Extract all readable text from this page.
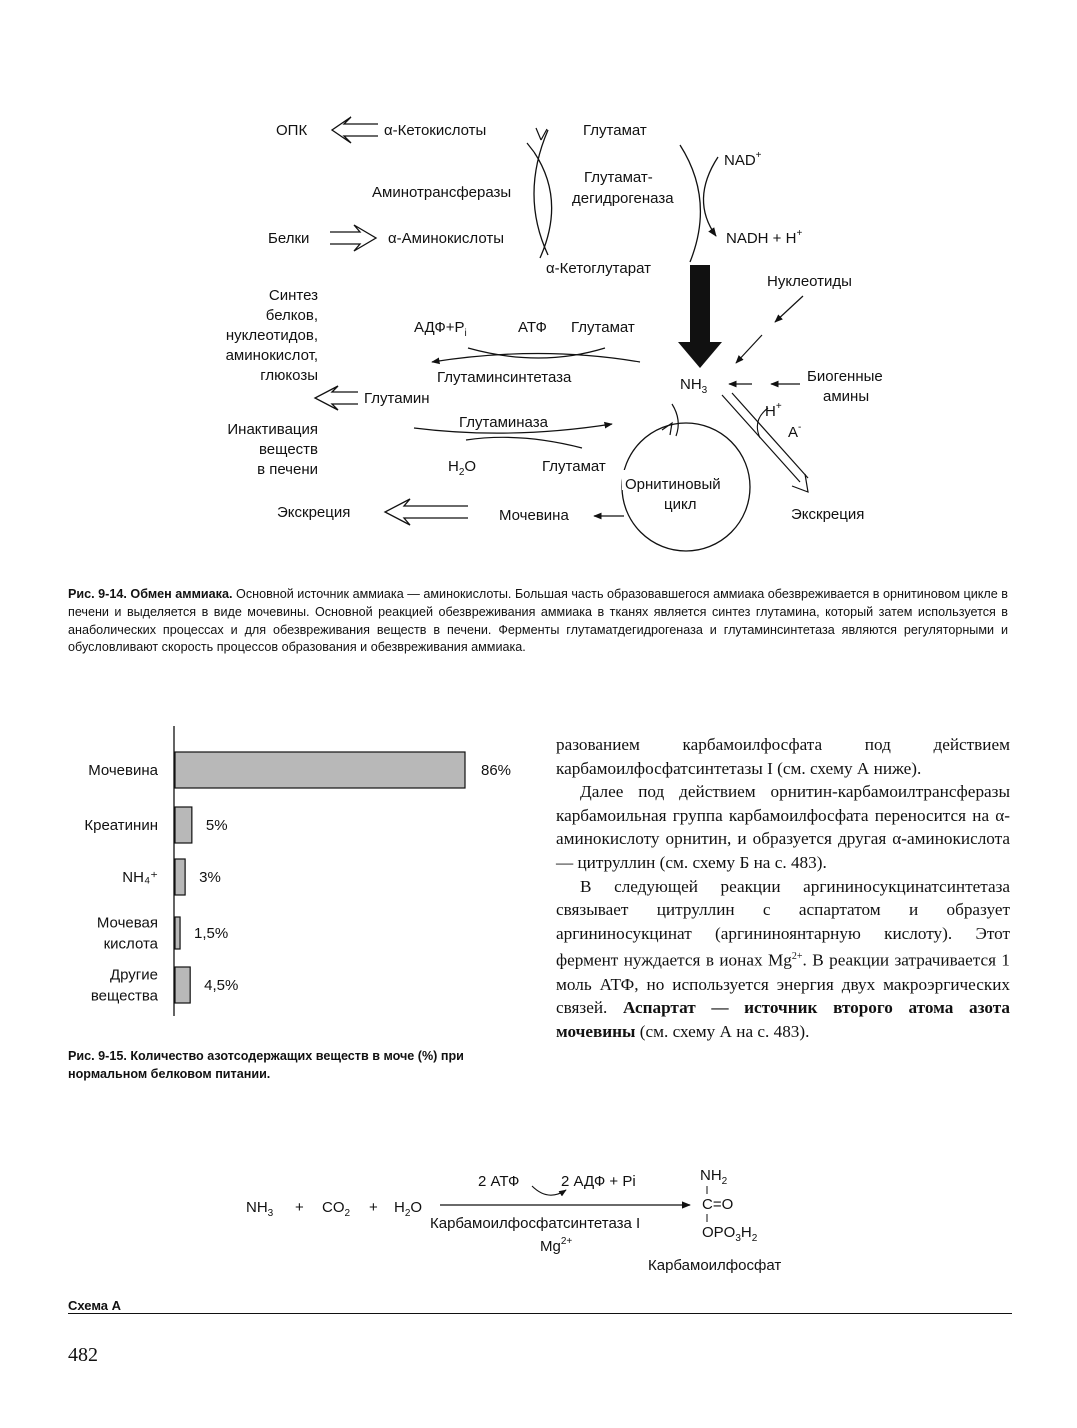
ОПК	α-Кетокислоты	Глутамат
NAD+
Аминотрансферазы
Глутамат-
дегидрогеназа
Белки	α-Аминокислоты	NADH + H+
α-Кетоглутарат
Нуклеотиды
Синтез
белков,
нуклеотидов,
аминокислот,
глюкозы
$АДФ+P_i$	АТФ Глутамат
Глутаминсинтетаза	$NH_3$
Биогенные
амины
Глутамин
H+
A-
Инактивация
веществ
в печени
Глутаминаза
$H_2O$	Глутамат
Орнитиновый
цикл
Экскреция	Мочевина	Экскреция
Рис. 9-14. Обмен аммиака. Основной источник аммиака — аминокислоты. Большая часть образовавшегося аммиака обезвреживается в орнитиновом цикле в печени и выделяется в виде мочевины. Основной реакцией обезвреживания аммиака в тканях является синтез глутамина, который затем используется в анаболических процессах и для обезвреживания веществ в печени. Ферменты глутаматдегидрогеназа и глутаминсинтетаза являются регуляторными и обусловливают скорость процессов образования и обезвреживания аммиака.
Мочевина	86%
Креатинин	5%
NH₄⁺	3%
Мочевая
кислота
1,5%
Другие
вещества
4,5%
Рис. 9-15. Количество азотсодержащих веществ в моче (%) при нормальном белковом питании.

разованием карбамоилфосфата под действием карбамоилфосфатсинтетазы I (см. схему А ниже).

Далее под действием орнитин-карбамоилтрансферазы карбамоильная группа карбамоилфосфата переносится на α-аминокислоту орнитин, и образуется другая α-аминокислота — цитруллин (см. схему Б на с. 483).

В следующей реакции аргининосукцинатсинтетаза связывает цитруллин с аспартатом и образует аргининосукцинат (аргининоянтарную кислоту). Этот фермент нуждается в ионах $Mg^{2+}$. В реакции затрачивается 1 моль АТФ, но используется энергия двух макроэргических связей. Аспартат — источник второго атома азота мочевины (см. схему А на с. 483).

$NH_3 + CO_2 + H_2O$
2 АТФ	2 АДФ + Pi
Карбамоилфосфатсинтетаза I
$Mg^{2+}$
$NH_2$
C=O
$OPO_3H_2$
Карбамоилфосфат
Схема А
482
